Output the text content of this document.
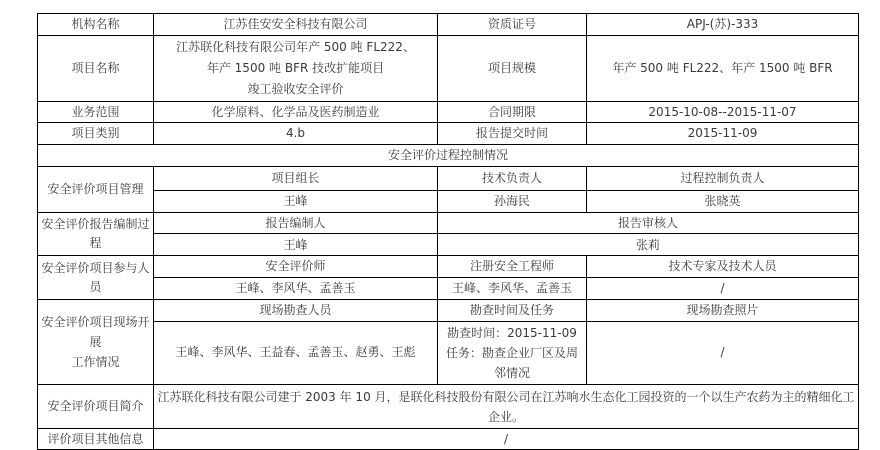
机构名称	江苏佳安安全科技有限公司	资质证号	APJ-(苏)-333
项目名称	江苏联化科技有限公司年产 500 吨 FL222、
年产 1500 吨 BFR 技改扩能项目
竣工验收安全评价	项目规模	年产 500 吨 FL222、年产 1500 吨 BFR
业务范围	化学原料、化学品及医药制造业	合同期限	2015-10-08--2015-11-07
项目类别	4.b	报告提交时间	2015-11-09
安全评价过程控制情况			
安全评价项目管理	项目组长	技术负责人	过程控制负责人
	王峰	孙海民	张晓英
安全评价报告编制过程	报告编制人	报告审核人	
	王峰	张莉	
安全评价项目参与人员	安全评价师	注册安全工程师	技术专家及技术人员
	王峰、李风华、孟善玉	王峰、李风华、孟善玉	/

安全评价项目现场开展
工作情况	现场勘查人员	勘查时间及任务	现场勘查照片
	王峰、李风华、王益春、孟善玉、赵勇、王彪	勘查时间：2015-11-09
任务：勘查企业厂区及周邻情况	/
安全评价项目简介	江苏联化科技有限公司建于 2003 年 10 月，是联化科技股份有限公司在江苏响水生态化工园投资的一个以生产农药为主的精细化工企业。		
评价项目其他信息	/		
